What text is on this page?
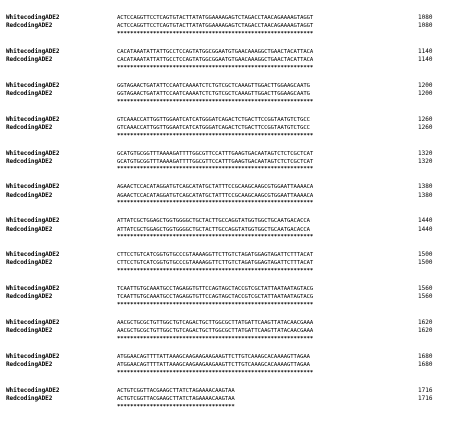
WhitecodingADE2	ACTCCAGGTTCCTCAGTGTACTTATATGGAAAAGAGTCTAGACCTAACAGAAAAGTAGGT	1080
RedcodingADE2	ACTCCAGGTTCCTCAGTGTACTTATATGGAAAAGAGTCTAGACCTAACAGAAAAGTAGGT	1080
************************************************************
WhitecodingADE2	CACATAAATATTATTGCCTCCAGTATGGCGGAATGTGAACAAAGGCTGAACTACATTACA	1140
RedcodingADE2	CACATAAATATTATTGCCTCCAGTATGGCGGAATGTGAACAAAGGCTGAACTACATTACA	1140
************************************************************
WhitecodingADE2	GGTAGAACTGATATTCCAATCAAAATCTCTGTCGCTCAAAGTTGGACTTGGAAGCAATG	1200
RedcodingADE2	GGTAGAACTGATATTCCAATCAAAATCTCTGTCGCTCAAAGTTGGACTTGGAAGCAATG	1200
************************************************************
WhitecodingADE2	GTCAAACCATTGGTTGGAATCATCATGGGATCAGACTCTGACTTCCGGTAATGTCTGCC	1260
RedcodingADE2	GTCAAACCATTGGTTGGAATCATCATGGGATCAGACTCTGACTTCCGGTAATGTCTGCC	1260
************************************************************
WhitecodingADE2	GCATGTGCGGTTTAAAAGATTTTGGCGTTCCATTTGAAGTGACAATAGTCTCTCGCTCAT	1320
RedcodingADE2	GCATGTGCGGTTTAAAAGATTTTGGCGTTCCATTTGAAGTGACAATAGTCTCTCGCTCAT	1320
************************************************************
WhitecodingADE2	AGAACTCCACATAGGATGTCAGCATATGCTATTTCCGCAAGCAAGCGTGGAATTAAAACA	1380
RedcodingADE2	AGAACTCCACATAGGATGTCAGCATATGCTATTTCCGCAAGCAAGCGTGGAATTAAAACA	1380
************************************************************
WhitecodingADE2	ATTATCGCTGGAGCTGGTGGGGCTGCTACTTGCCAGGTATGGTGGCTGCAATGACACCA	1440
RedcodingADE2	ATTATCGCTGGAGCTGGTGGGGCTGCTACTTGCCAGGTATGGTGGCTGCAATGACACCA	1440
************************************************************
WhitecodingADE2	CTTCCTGTCATCGGTGTGCCCGTAAAAGGTTCTTGTCTAGATGGAGTAGATTCTTTACAT	1500
RedcodingADE2	CTTCCTGTCATCGGTGTGCCCGTAAAAGGTTCTTGTCTAGATGGAGTAGATTCTTTACAT	1500
************************************************************
WhitecodingADE2	TCAATTGTGCAAATGCCTAGAGGTGTTCCAGTAGCTACCGTCGCTATTAATAATAGTACG	1560
RedcodingADE2	TCAATTGTGCAAATGCCTAGAGGTGTTCCAGTAGCTACCGTCGCTATTAATAATAGTACG	1560
************************************************************
WhitecodingADE2	AACGCTGCGCTGTTGGCTGTCAGACTGCTTGGCGCTTATGATTCAAGTTATACAACGAAA	1620
RedcodingADE2	AACGCTGCGCTGTTGGCTGTCAGACTGCTTGGCGCTTATGATTCAAGTTATACAACGAAA	1620
************************************************************
WhitecodingADE2	ATGGAACAGTTTTATTAAAGCAAGAAGAAGAAGTTCTTGTCAAAGCACAAAAGTTAGAA	1680
RedcodingADE2	ATGGAACAGTTTTATTAAAGCAAGAAGAAGAAGTTCTTGTCAAAGCACAAAAGTTAGAA	1680
************************************************************
WhitecodingADE2	ACTGTCGGTTACGAAGCTTATCTAGAAAACAAGTAA	1716
RedcodingADE2	ACTGTCGGTTACGAAGCTTATCTAGAAAACAAGTAA	1716
************************************
